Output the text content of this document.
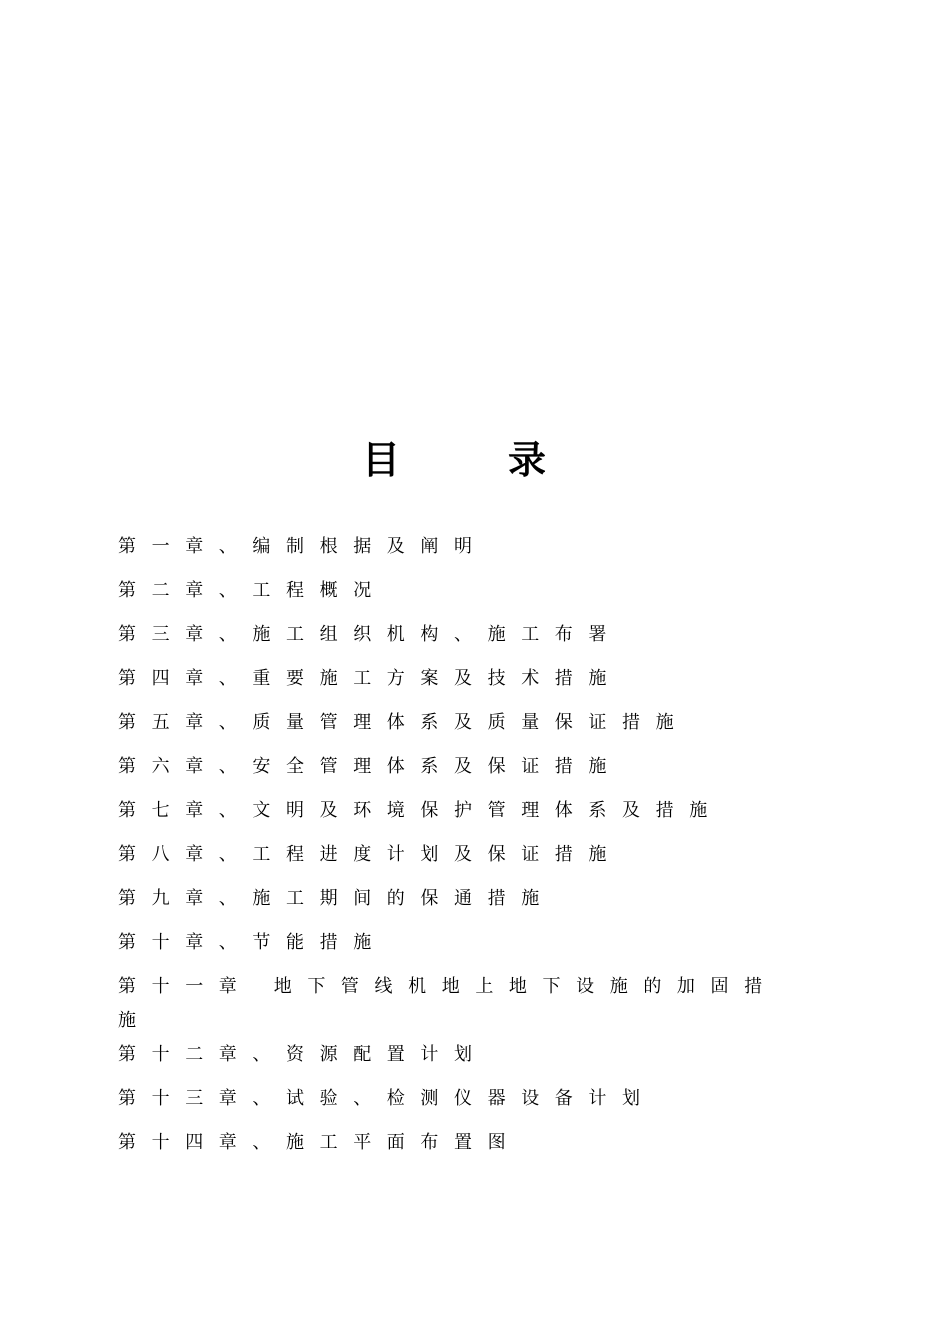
目	录
第一章、编制根据及阐明
第二章、工程概况
第三章、施工组织机构、施工布署
第四章、重要施工方案及技术措施
第五章、质量管理体系及质量保证措施
第六章、安全管理体系及保证措施
第七章、文明及环境保护管理体系及措施
第八章、工程进度计划及保证措施
第九章、施工期间的保通措施
第十章、节能措施
第十一章 地下管线机地上地下设施的加固措施
第十二章、资源配置计划
第十三章、试验、检测仪器设备计划
第十四章、施工平面布置图
